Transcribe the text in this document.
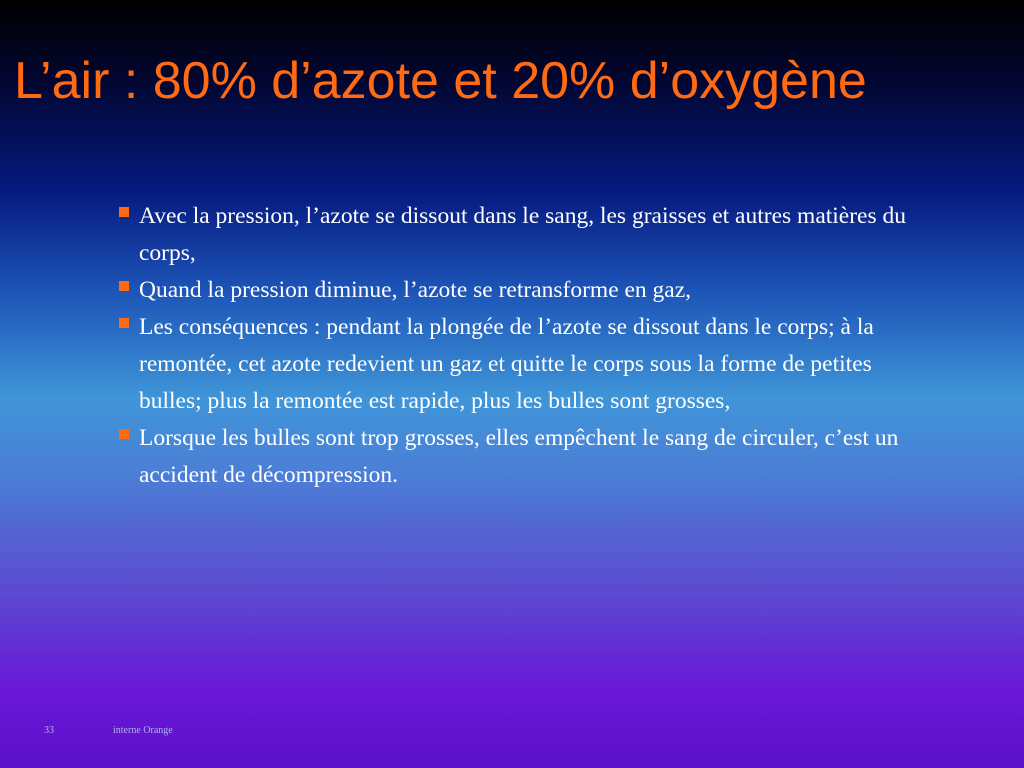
L’air : 80% d’azote et 20% d’oxygène
Avec la pression, l’azote se dissout dans le sang, les graisses et autres matières du corps,
Quand la pression diminue, l’azote se retransforme en gaz,
Les conséquences : pendant la plongée de l’azote se dissout dans le corps; à la remontée, cet azote redevient un gaz et quitte le corps sous la forme de petites bulles; plus la remontée est rapide, plus les bulles sont grosses,
Lorsque les bulles sont trop grosses, elles empêchent le sang de circuler, c’est un accident de décompression.
33	interne Orange
